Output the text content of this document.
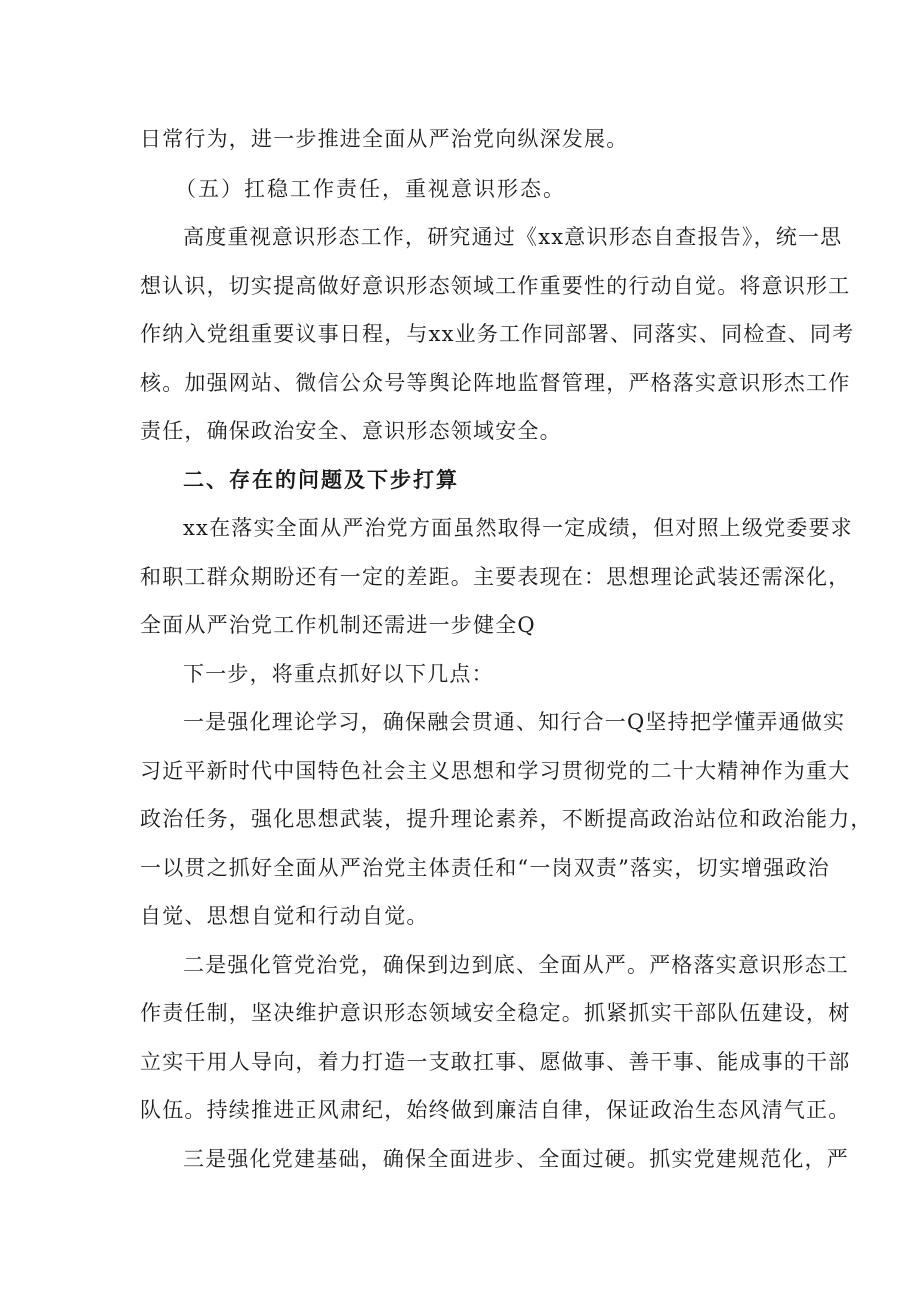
日常行为，进一步推进全面从严治党向纵深发展。
（五）扛稳工作责任，重视意识形态。
高度重视意识形态工作，研究通过《xx意识形态自查报告》，统一思
想认识，切实提高做好意识形态领域工作重要性的行动自觉。将意识形工
作纳入党组重要议事日程，与xx业务工作同部署、同落实、同检查、同考
核。加强网站、微信公众号等舆论阵地监督管理，严格落实意识形杰工作
责任，确保政治安全、意识形态领域安全。
二、存在的问题及下步打算
xx在落实全面从严治党方面虽然取得一定成绩，但对照上级党委要求
和职工群众期盼还有一定的差距。主要表现在：思想理论武装还需深化，
全面从严治党工作机制还需进一步健全Q
下一步，将重点抓好以下几点：
一是强化理论学习，确保融会贯通、知行合一Q坚持把学懂弄通做实
习近平新时代中国特色社会主义思想和学习贯彻党的二十大精神作为重大
政治任务，强化思想武装，提升理论素养，不断提高政治站位和政治能力，
一以贯之抓好全面从严治党主体责任和“一岗双责”落实，切实增强政治
自觉、思想自觉和行动自觉。
二是强化管党治党，确保到边到底、全面从严。严格落实意识形态工
作责任制，坚决维护意识形态领域安全稳定。抓紧抓实干部队伍建设，树
立实干用人导向，着力打造一支敢扛事、愿做事、善干事、能成事的干部
队伍。持续推进正风肃纪，始终做到廉洁自律，保证政治生态风清气正。
三是强化党建基础，确保全面进步、全面过硬。抓实党建规范化，严
